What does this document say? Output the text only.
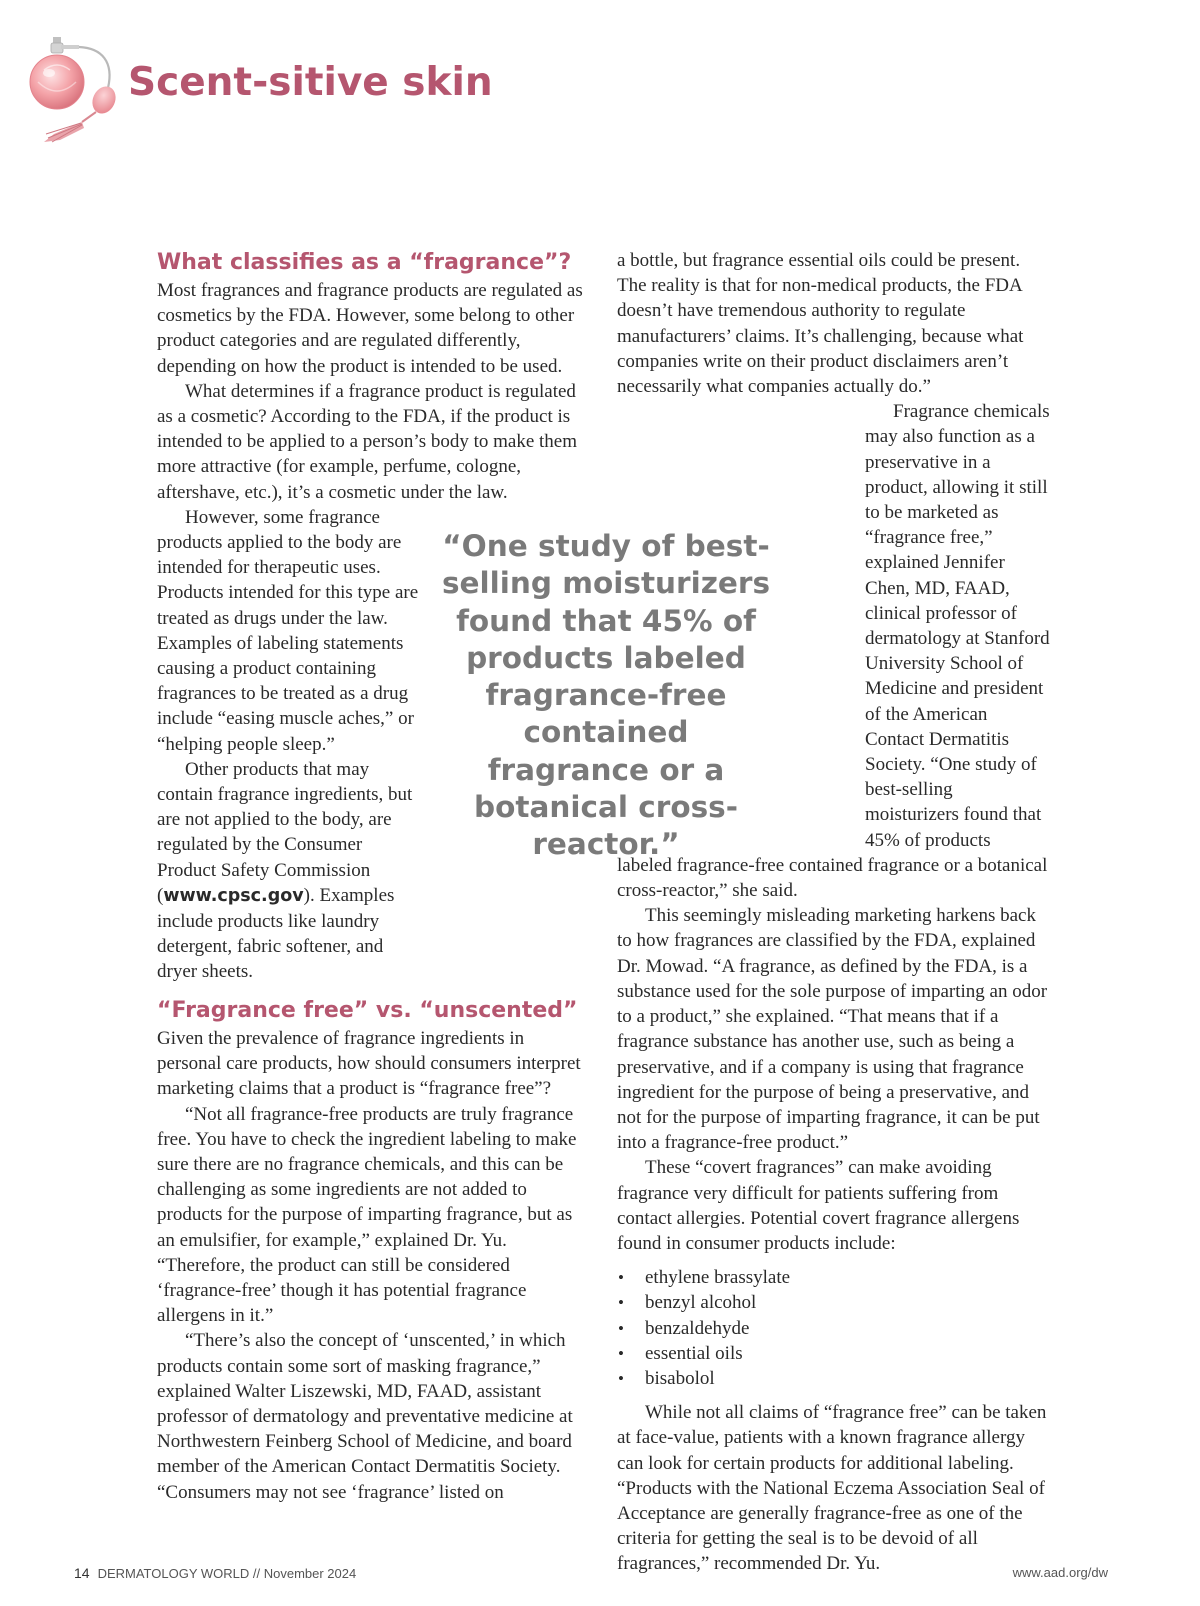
Scent-sitive skin
What classifies as a “fragrance”?

Most fragrances and fragrance products are regulated as cosmetics by the FDA. However, some belong to other product categories and are regulated differently, depending on how the product is intended to be used.

What determines if a fragrance product is regulated as a cosmetic? According to the FDA, if the product is intended to be applied to a person’s body to make them more attractive (for example, perfume, cologne, aftershave, etc.), it’s a cosmetic under the law.

However, some fragrance products applied to the body are intended for therapeutic uses. Products intended for this type are treated as drugs under the law. Examples of labeling statements causing a product containing fragrances to be treated as a drug include “easing muscle aches,” or “helping people sleep.”

Other products that may contain fragrance ingredients, but are not applied to the body, are regulated by the Consumer Product Safety Commission (www.cpsc.gov). Examples include products like laundry detergent, fabric softener, and dryer sheets.

“Fragrance free” vs. “unscented”

Given the prevalence of fragrance ingredients in personal care products, how should consumers interpret marketing claims that a product is “fragrance free”?

“Not all fragrance-free products are truly fragrance free. You have to check the ingredient labeling to make sure there are no fragrance chemicals, and this can be challenging as some ingredients are not added to products for the purpose of imparting fragrance, but as an emulsifier, for example,” explained Dr. Yu. “Therefore, the product can still be considered ‘fragrance-free’ though it has potential fragrance allergens in it.”

“There’s also the concept of ‘unscented,’ in which products contain some sort of masking fragrance,” explained Walter Liszewski, MD, FAAD, assistant professor of dermatology and preventative medicine at Northwestern Feinberg School of Medicine, and board member of the American Contact Dermatitis Society. “Consumers may not see ‘fragrance’ listed on

“One study of best-selling moisturizers found that 45% of products labeled fragrance-free contained fragrance or a botanical cross-reactor.”

a bottle, but fragrance essential oils could be present. The reality is that for non-medical products, the FDA doesn’t have tremendous authority to regulate manufacturers’ claims. It’s challenging, because what companies write on their product disclaimers aren’t necessarily what companies actually do.”

Fragrance chemicals may also function as a preservative in a product, allowing it still to be marketed as “fragrance free,” explained Jennifer Chen, MD, FAAD, clinical professor of dermatology at Stanford University School of Medicine and president of the American Contact Dermatitis Society. “One study of best-selling moisturizers found that 45% of products labeled fragrance-free contained fragrance or a botanical cross-reactor,” she said.

This seemingly misleading marketing harkens back to how fragrances are classified by the FDA, explained Dr. Mowad. “A fragrance, as defined by the FDA, is a substance used for the sole purpose of imparting an odor to a product,” she explained. “That means that if a fragrance substance has another use, such as being a preservative, and if a company is using that fragrance ingredient for the purpose of being a preservative, and not for the purpose of imparting fragrance, it can be put into a fragrance-free product.”

These “covert fragrances” can make avoiding fragrance very difficult for patients suffering from contact allergies. Potential covert fragrance allergens found in consumer products include:

• ethylene brassylate
• benzyl alcohol
• benzaldehyde
• essential oils
• bisabolol

While not all claims of “fragrance free” can be taken at face-value, patients with a known fragrance allergy can look for certain products for additional labeling. “Products with the National Eczema Association Seal of Acceptance are generally fragrance-free as one of the criteria for getting the seal is to be devoid of all fragrances,” recommended Dr. Yu.

14 DERMATOLOGY WORLD // November 2024	www.aad.org/dw
